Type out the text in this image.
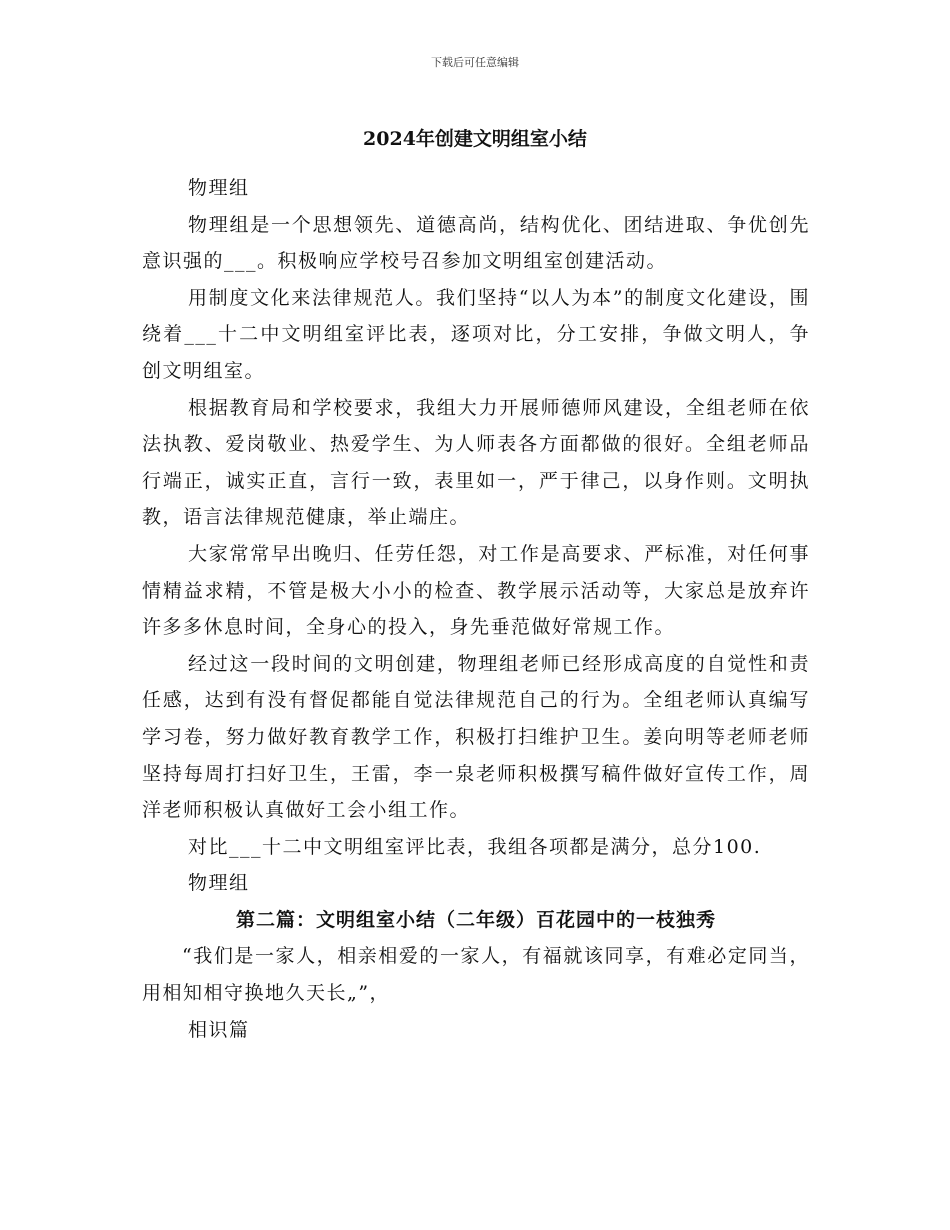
下载后可任意编辑
2024年创建文明组室小结

物理组

物理组是一个思想领先、道德高尚，结构优化、团结进取、争优创先意识强的___。积极响应学校号召参加文明组室创建活动。

用制度文化来法律规范人。我们坚持“以人为本”的制度文化建设，围绕着___十二中文明组室评比表，逐项对比，分工安排，争做文明人，争创文明组室。

根据教育局和学校要求，我组大力开展师德师风建设，全组老师在依法执教、爱岗敬业、热爱学生、为人师表各方面都做的很好。全组老师品行端正，诚实正直，言行一致，表里如一，严于律己，以身作则。文明执教，语言法律规范健康，举止端庄。

大家常常早出晚归、任劳任怨，对工作是高要求、严标准，对任何事情精益求精，不管是极大小小的检查、教学展示活动等，大家总是放弃许许多多休息时间，全身心的投入，身先垂范做好常规工作。

经过这一段时间的文明创建，物理组老师已经形成高度的自觉性和责任感，达到有没有督促都能自觉法律规范自己的行为。全组老师认真编写学习卷，努力做好教育教学工作，积极打扫维护卫生。姜向明等老师老师坚持每周打扫好卫生，王雷，李一泉老师积极撰写稿件做好宣传工作，周洋老师积极认真做好工会小组工作。

对比___十二中文明组室评比表，我组各项都是满分，总分100.

物理组

第二篇：文明组室小结（二年级）百花园中的一枝独秀

“我们是一家人，相亲相爱的一家人，有福就该同享，有难必定同当，用相知相守换地久天长„”，

相识篇
